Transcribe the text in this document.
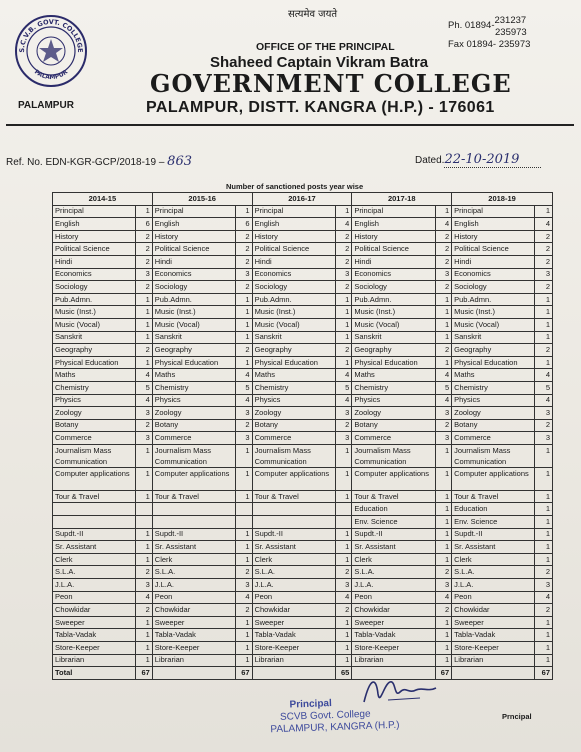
S.C.V.B. GOVT. COLLEGE
PALAMPUR
PALAMPUR
सत्यमेव जयते
OFFICE OF THE PRINCIPAL
Shaheed Captain Vikram Batra
GOVERNMENT COLLEGE
PALAMPUR, DISTT. KANGRA (H.P.) - 176061
Ph. 01894-231237
235973
Fax 01894- 235973
Ref. No. EDN-KGR-GCP/2018-19 – 863	Dated.22-10-2019
Number of sanctioned posts year wise
2014-15		2015-16		2016-17		2017-18		2018-19	
Principal	1	Principal	1	Principal	1	Principal	1	Principal	1
English	6	English	6	English	4	English	4	English	4
History	2	History	2	History	2	History	2	History	2
Political Science	2	Political Science	2	Political Science	2	Political Science	2	Political Science	2
Hindi	2	Hindi	2	Hindi	2	Hindi	2	Hindi	2
Economics	3	Economics	3	Economics	3	Economics	3	Economics	3
Sociology	2	Sociology	2	Sociology	2	Sociology	2	Sociology	2
Pub.Admn.	1	Pub.Admn.	1	Pub.Admn.	1	Pub.Admn.	1	Pub.Admn.	1
Music (Inst.)	1	Music (Inst.)	1	Music (Inst.)	1	Music (Inst.)	1	Music (Inst.)	1
Music (Vocal)	1	Music (Vocal)	1	Music (Vocal)	1	Music (Vocal)	1	Music (Vocal)	1
Sanskrit	1	Sanskrit	1	Sanskrit	1	Sanskrit	1	Sanskrit	1
Geography	2	Geography	2	Geography	2	Geography	2	Geography	2
Physical Education	1	Physical Education	1	Physical Education	1	Physical Education	1	Physical Education	1
Maths	4	Maths	4	Maths	4	Maths	4	Maths	4
Chemistry	5	Chemistry	5	Chemistry	5	Chemistry	5	Chemistry	5
Physics	4	Physics	4	Physics	4	Physics	4	Physics	4
Zoology	3	Zoology	3	Zoology	3	Zoology	3	Zoology	3
Botany	2	Botany	2	Botany	2	Botany	2	Botany	2
Commerce	3	Commerce	3	Commerce	3	Commerce	3	Commerce	3
Journalism Mass Communication	1	Journalism Mass Communication	1	Journalism Mass Communication	1	Journalism Mass Communication	1	Journalism Mass Communication	1
Computer applications	1	Computer applications	1	Computer applications	1	Computer applications	1	Computer applications	1
Tour & Travel	1	Tour & Travel	1	Tour & Travel	1	Tour & Travel	1	Tour & Travel	1
						Education	1	Education	1
						Env. Science	1	Env. Science	1
Supdt.-II	1	Supdt.-II	1	Supdt.-II	1	Supdt.-II	1	Supdt.-II	1
Sr. Assistant	1	Sr. Assistant	1	Sr. Assistant	1	Sr. Assistant	1	Sr. Assistant	1
Clerk	1	Clerk	1	Clerk	1	Clerk	1	Clerk	1
S.L.A.	2	S.L.A.	2	S.L.A.	2	S.L.A.	2	S.L.A.	2
J.L.A.	3	J.L.A.	3	J.L.A.	3	J.L.A.	3	J.L.A.	3
Peon	4	Peon	4	Peon	4	Peon	4	Peon	4
Chowkidar	2	Chowkidar	2	Chowkidar	2	Chowkidar	2	Chowkidar	2
Sweeper	1	Sweeper	1	Sweeper	1	Sweeper	1	Sweeper	1
Tabla-Vadak	1	Tabla-Vadak	1	Tabla-Vadak	1	Tabla-Vadak	1	Tabla-Vadak	1
Store-Keeper	1	Store-Keeper	1	Store-Keeper	1	Store-Keeper	1	Store-Keeper	1
Librarian	1	Librarian	1	Librarian	1	Librarian	1	Librarian	1
Total	67		67		65		67		67
Principal
SCVB Govt. College
PALAMPUR, KANGRA (H.P.)
Prncipal
